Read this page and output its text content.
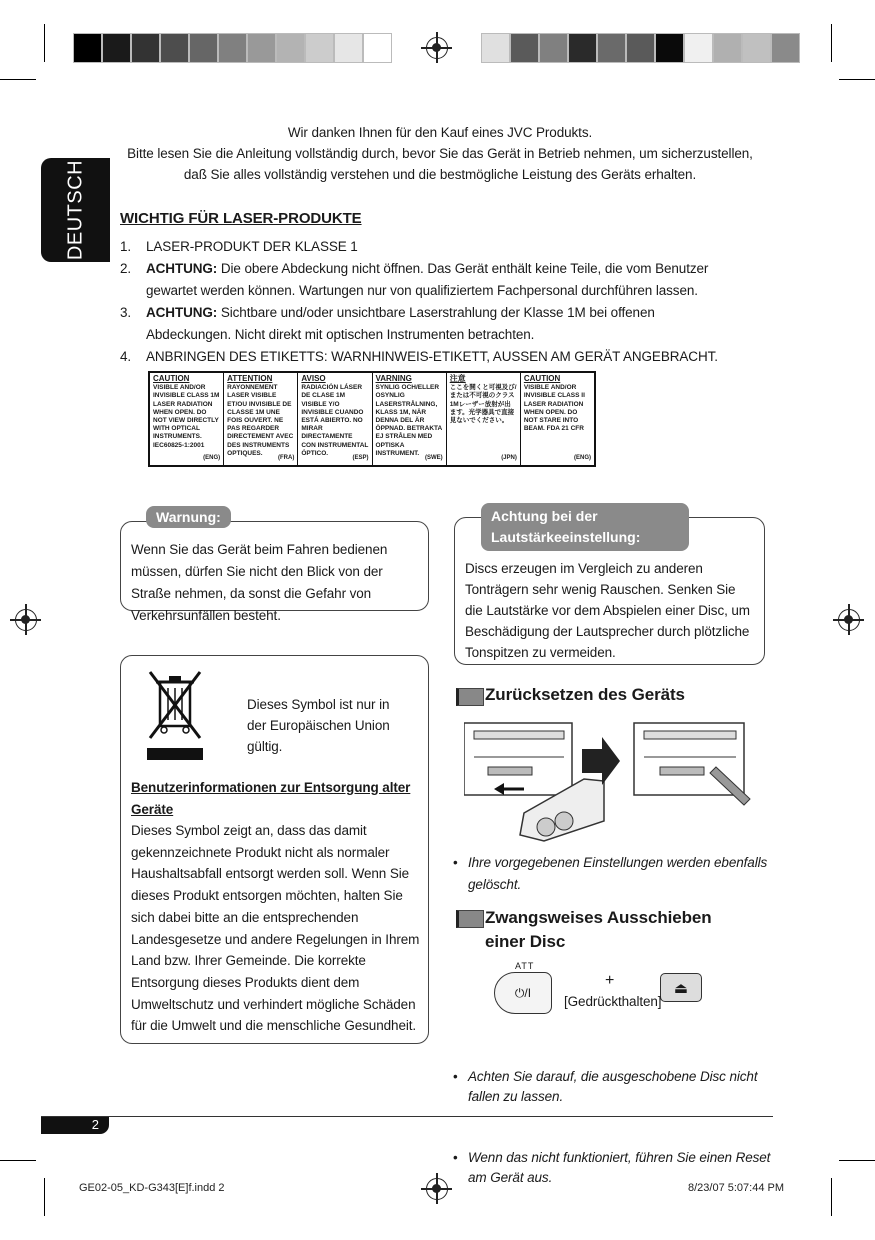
DEUTSCH
Wir danken Ihnen für den Kauf eines JVC Produkts.
Bitte lesen Sie die Anleitung vollständig durch, bevor Sie das Gerät in Betrieb nehmen, um sicherzustellen, daß Sie alles vollständig verstehen und die bestmögliche Leistung des Geräts erhalten.
WICHTIG FÜR LASER-PRODUKTE
1. LASER-PRODUKT DER KLASSE 1
2. ACHTUNG: Die obere Abdeckung nicht öffnen. Das Gerät enthält keine Teile, die vom Benutzer gewartet werden können. Wartungen nur von qualifiziertem Fachpersonal durchführen lassen.
3. ACHTUNG: Sichtbare und/oder unsichtbare Laserstrahlung der Klasse 1M bei offenen Abdeckungen. Nicht direkt mit optischen Instrumenten betrachten.
4. ANBRINGEN DES ETIKETTS: WARNHINWEIS-ETIKETT, AUSSEN AM GERÄT ANGEBRACHT.
CAUTION
VISIBLE AND/OR INVISIBLE CLASS 1M LASER RADIATION WHEN OPEN. DO NOT VIEW DIRECTLY WITH OPTICAL INSTRUMENTS. IEC60825-1:2001
(ENG)
ATTENTION
RAYONNEMENT LASER VISIBLE ET/OU INVISIBLE DE CLASSE 1M UNE FOIS OUVERT. NE PAS REGARDER DIRECTEMENT AVEC DES INSTRUMENTS OPTIQUES.
(FRA)
AVISO
RADIACIÓN LÁSER DE CLASE 1M VISIBLE Y/O INVISIBLE CUANDO ESTÁ ABIERTO. NO MIRAR DIRECTAMENTE CON INSTRUMENTAL ÓPTICO.
(ESP)
VARNING
SYNLIG OCH/ELLER OSYNLIG LASERSTRÅLNING, KLASS 1M, NÄR DENNA DEL ÄR ÖPPNAD. BETRAKTA EJ STRÅLEN MED OPTISKA INSTRUMENT.
(SWE)
注意
ここを開くと可視及び/または不可視のクラス1Mレーザー放射が出ます。光学器具で直接見ないでください。
(JPN)
CAUTION
VISIBLE AND/OR INVISIBLE CLASS II LASER RADIATION WHEN OPEN. DO NOT STARE INTO BEAM. FDA 21 CFR
(ENG)
Warnung:
Wenn Sie das Gerät beim Fahren bedienen müssen, dürfen Sie nicht den Blick von der Straße nehmen, da sonst die Gefahr von Verkehrsunfällen besteht.
Achtung bei der
Lautstärkeeinstellung:
Discs erzeugen im Vergleich zu anderen Tonträgern sehr wenig Rauschen. Senken Sie die Lautstärke vor dem Abspielen einer Disc, um Beschädigung der Lautsprecher durch plötzliche Tonspitzen zu vermeiden.
Dieses Symbol ist nur in der Europäischen Union gültig.
Benutzerinformationen zur Entsorgung alter Geräte
Dieses Symbol zeigt an, dass das damit gekennzeichnete Produkt nicht als normaler Haushaltsabfall entsorgt werden soll. Wenn Sie dieses Produkt entsorgen möchten, halten Sie sich dabei bitte an die entsprechenden Landesgesetze und andere Regelungen in Ihrem Land bzw. Ihrer Gemeinde. Die korrekte Entsorgung dieses Produkts dient dem Umweltschutz und verhindert mögliche Schäden für die Umwelt und die menschliche Gesundheit.
Zurücksetzen des Geräts
• Ihre vorgegebenen Einstellungen werden ebenfalls gelöscht.
Zwangsweises Ausschieben einer Disc
ATT
⏻/I
+	⏏
[Gedrückthalten]
• Achten Sie darauf, die ausgeschobene Disc nicht fallen zu lassen.
• Wenn das nicht funktioniert, führen Sie einen Reset am Gerät aus.
2
GE02-05_KD-G343[E]f.indd 2	8/23/07 5:07:44 PM
